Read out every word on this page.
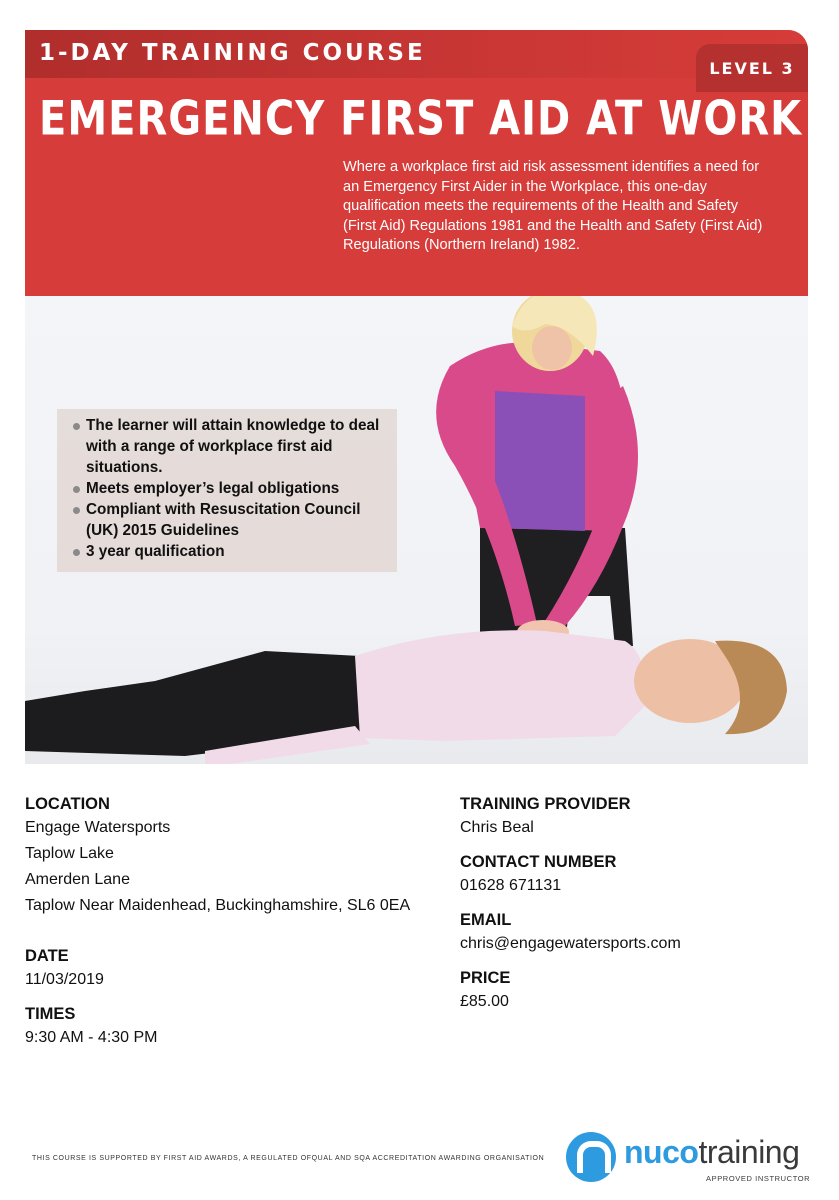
1-DAY TRAINING COURSE
LEVEL 3
EMERGENCY FIRST AID AT WORK
Where a workplace first aid risk assessment identifies a need for an Emergency First Aider in the Workplace, this one-day qualification meets the requirements of the Health and Safety (First Aid) Regulations 1981 and the Health and Safety (First Aid) Regulations (Northern Ireland) 1982.
The learner will attain knowledge to deal with a range of workplace first aid situations.
Meets employer’s legal obligations
Compliant with Resuscitation Council (UK) 2015 Guidelines
3 year qualification

LOCATION

Engage Watersports

Taplow Lake

Amerden Lane

Taplow Near Maidenhead, Buckinghamshire, SL6 0EA

DATE

11/03/2019

TIMES

9:30 AM - 4:30 PM

TRAINING PROVIDER

Chris Beal

CONTACT NUMBER

01628 671131

EMAIL

chris@engagewatersports.com

PRICE

£85.00

THIS COURSE IS SUPPORTED BY FIRST AID AWARDS, A REGULATED OFQUAL AND SQA ACCREDITATION AWARDING ORGANISATION nucotraining
APPROVED INSTRUCTOR
